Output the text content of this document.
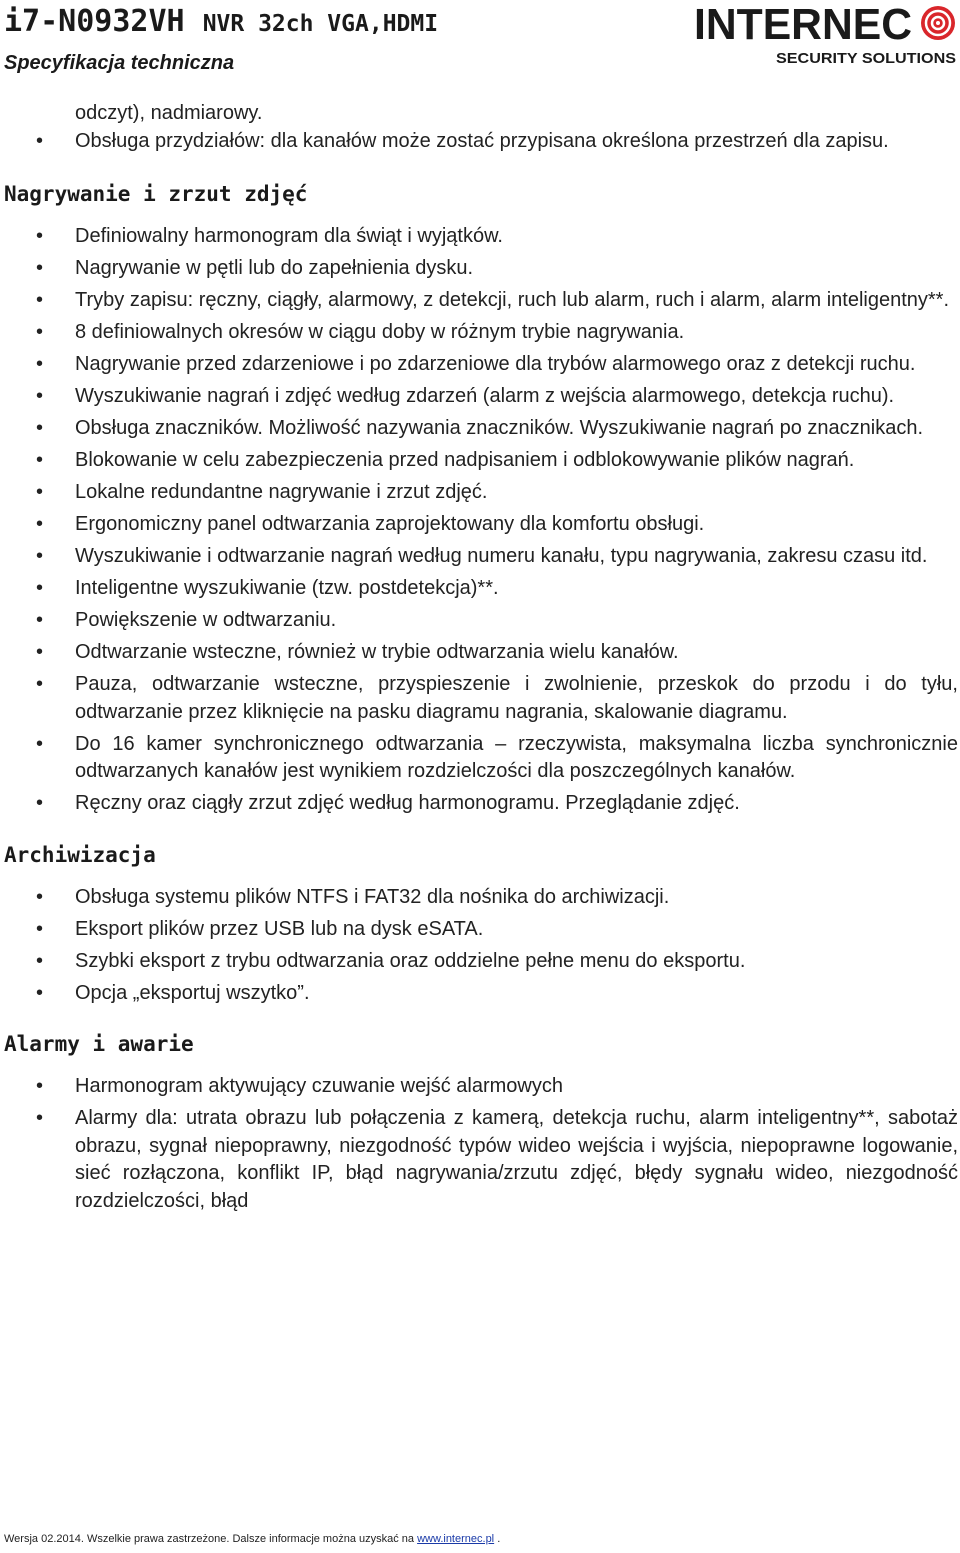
i7-N0932VH NVR 32ch VGA,HDMI
Specyfikacja techniczna
INTERNEC
SECURITY SOLUTIONS
odczyt), nadmiarowy.
• Obsługa przydziałów: dla kanałów może zostać przypisana określona przestrzeń dla zapisu.
Nagrywanie i zrzut zdjęć
• Definiowalny harmonogram dla świąt i wyjątków.
• Nagrywanie w pętli lub do zapełnienia dysku.
• Tryby zapisu: ręczny, ciągły, alarmowy, z detekcji, ruch lub alarm, ruch i alarm, alarm inteligentny**.
• 8 definiowalnych okresów w ciągu doby w różnym trybie nagrywania.
• Nagrywanie przed zdarzeniowe i po zdarzeniowe dla trybów alarmowego oraz z detekcji ruchu.
• Wyszukiwanie nagrań i zdjęć według zdarzeń (alarm z wejścia alarmowego, detekcja ruchu).
• Obsługa znaczników. Możliwość nazywania znaczników. Wyszukiwanie nagrań po znacznikach.
• Blokowanie w celu zabezpieczenia przed nadpisaniem i odblokowywanie plików nagrań.
• Lokalne redundantne nagrywanie i zrzut zdjęć.
• Ergonomiczny panel odtwarzania zaprojektowany dla komfortu obsługi.
• Wyszukiwanie i odtwarzanie nagrań według numeru kanału, typu nagrywania, zakresu czasu itd.
• Inteligentne wyszukiwanie (tzw. postdetekcja)**.
• Powiększenie w odtwarzaniu.
• Odtwarzanie wsteczne, również w trybie odtwarzania wielu kanałów.
• Pauza, odtwarzanie wsteczne, przyspieszenie i zwolnienie, przeskok do przodu i do tyłu, odtwarzanie przez kliknięcie na pasku diagramu nagrania, skalowanie diagramu.
• Do 16 kamer synchronicznego odtwarzania – rzeczywista, maksymalna liczba synchronicznie odtwarzanych kanałów jest wynikiem rozdzielczości dla poszczególnych kanałów.
• Ręczny oraz ciągły zrzut zdjęć według harmonogramu. Przeglądanie zdjęć.
Archiwizacja
• Obsługa systemu plików NTFS i FAT32 dla nośnika do archiwizacji.
• Eksport plików przez USB lub na dysk eSATA.
• Szybki eksport z trybu odtwarzania oraz oddzielne pełne menu do eksportu.
• Opcja „eksportuj wszytko”.
Alarmy i awarie
• Harmonogram aktywujący czuwanie wejść alarmowych
• Alarmy dla: utrata obrazu lub połączenia z kamerą, detekcja ruchu, alarm inteligentny**, sabotaż obrazu, sygnał niepoprawny, niezgodność typów wideo wejścia i wyjścia, niepoprawne logowanie, sieć rozłączona, konflikt IP, błąd nagrywania/zrzutu zdjęć, błędy sygnału wideo, niezgodność rozdzielczości, błąd
Wersja 02.2014. Wszelkie prawa zastrzeżone. Dalsze informacje można uzyskać na www.internec.pl .
